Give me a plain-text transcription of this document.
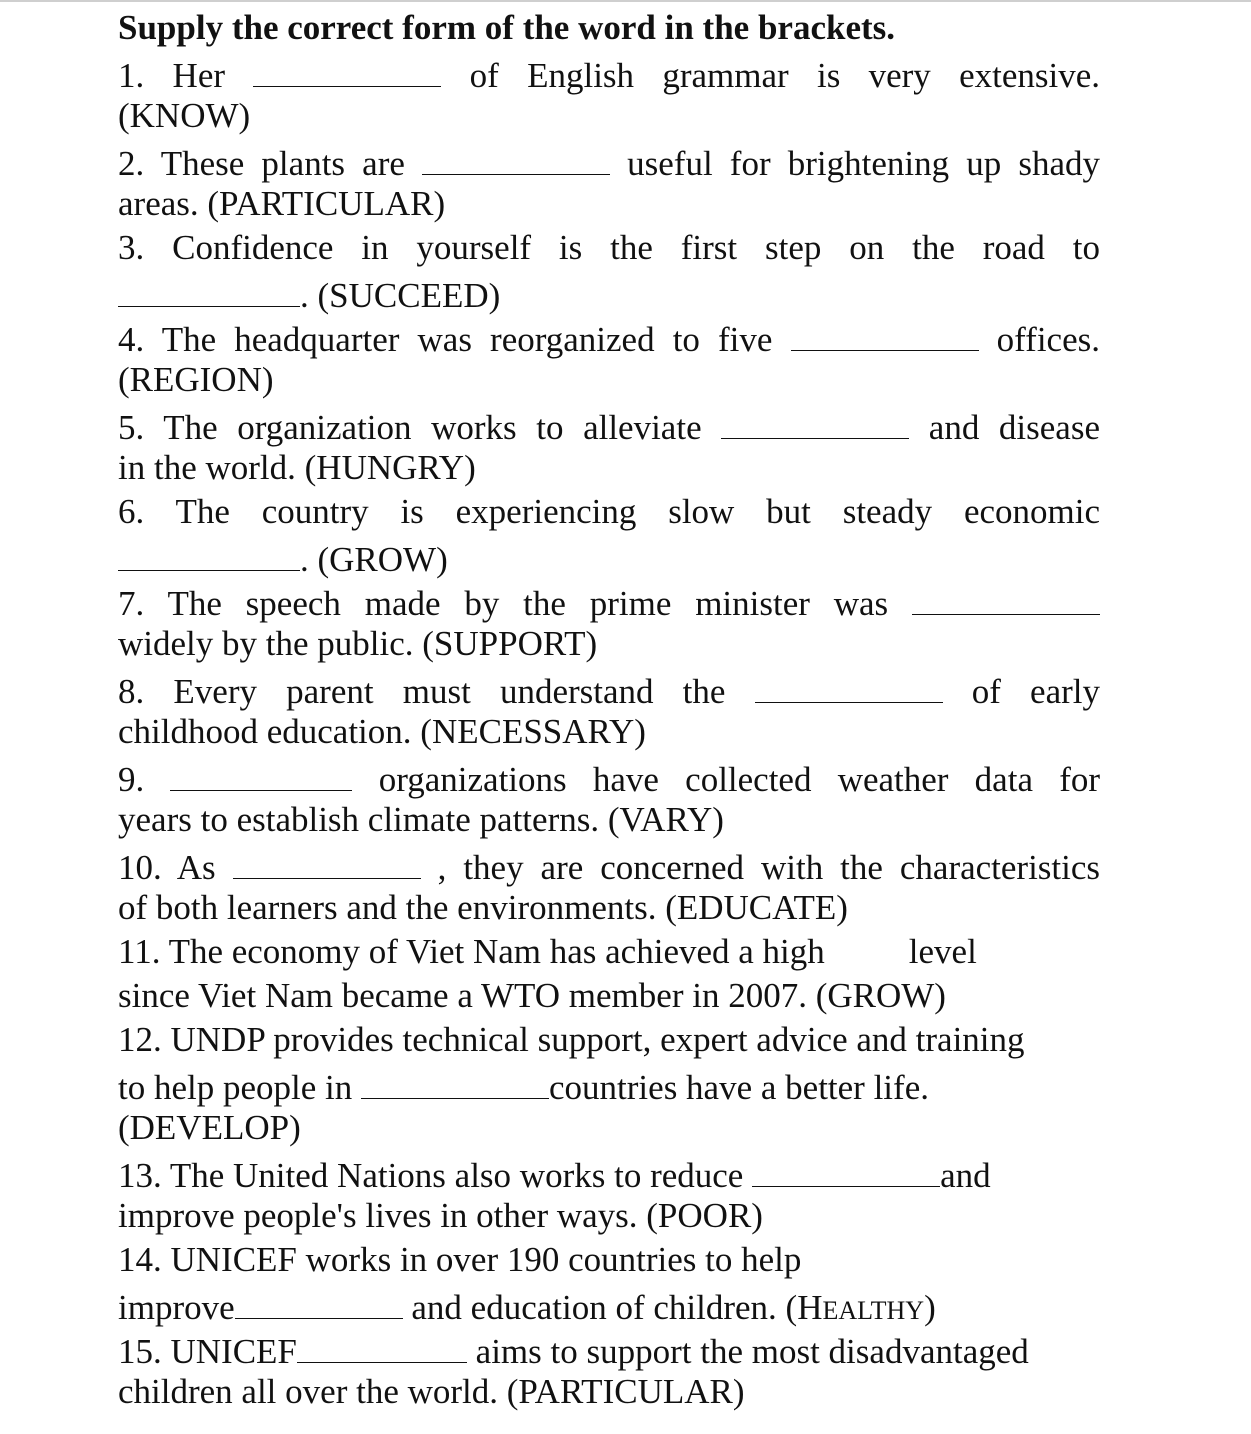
Supply the correct form of the word in the brackets.
1. Her	of English grammar is very extensive.
(KNOW)
2. These plants are	useful for brightening up shady
areas. (PARTICULAR)
3. Confidence in yourself is the first step on the road to
. (SUCCEED)
4. The headquarter was reorganized to five	offices.
(REGION)
5. The organization works to alleviate	and disease
in the world. (HUNGRY)
6. The country is experiencing slow but steady economic
. (GROW)
7. The speech made by the prime minister was
widely by the public. (SUPPORT)
8. Every parent must understand the	of early
childhood education. (NECESSARY)
9.	organizations have collected weather data for
years to establish climate patterns. (VARY)
10. As	, they are concerned with the characteristics
of both learners and the environments. (EDUCATE)
11. The economy of Viet Nam has achieved a high level
since Viet Nam became a WTO member in 2007. (GROW)
12. UNDP provides technical support, expert advice and training
to help people in	countries have a better life.
(DEVELOP)
13. The United Nations also works to reduce	and
improve people's lives in other ways. (POOR)
14. UNICEF works in over 190 countries to help
improve	and education of children. (HEALTHY)
15. UNICEF	aims to support the most disadvantaged
children all over the world. (PARTICULAR)
